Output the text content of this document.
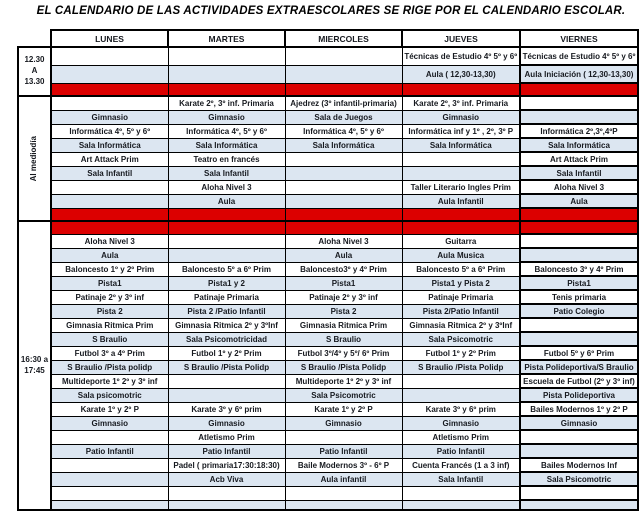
EL CALENDARIO DE LAS ACTIVIDADES EXTRAESCOLARES SE RIGE POR EL CALENDARIO ESCOLAR.
	LUNES	MARTES	MIERCOLES	JUEVES	VIERNES

12.30
A
13.30				Técnicas de Estudio 4º 5º y 6º	Técnicas de Estudio 4º 5º y 6º
				Aula ( 12,30-13,30)	Aula Iniciación ( 12,30-13,30)

Al mediodía		Karate 2º, 3º inf. Primaria	Ajedrez (3º infantil-primaria)	Karate 2º, 3º inf. Primaria	
	Gimnasio	Gimnasio	Sala de Juegos	Gimnasio	
	Informática 4º, 5º y 6º	Informática 4º, 5º y 6º	Informática 4º, 5º y 6º	Informática inf y 1º , 2º, 3º P	Informática 2º,3º,4ºP
	Sala Informática	Sala Informática	Sala Informática	Sala Informática	Sala Informática
	Art Attack Prim	Teatro en francés			Art Attack Prim
	Sala Infantil	Sala Infantil			Sala Infantil
		Aloha Nivel 3		Taller Literario Ingles Prim	Aloha Nivel 3
		Aula		Aula Infantil	Aula

16:30 a
17:45					

	Aloha Nivel 3		Aloha Nivel 3	Guitarra	
	Aula		Aula	Aula Musica	
	Baloncesto 1º y 2º Prim	Baloncesto 5º a 6º Prim	Baloncesto3º y 4º Prim	Baloncesto 5º a 6º Prim	Baloncesto 3º y 4º Prim
	Pista1	Pista1 y 2	Pista1	Pista1 y Pista 2	Pista1
	Patinaje 2º y 3º inf	Patinaje Primaria	Patinaje 2º y 3º inf	Patinaje Primaria	Tenis primaria
	Pista 2	Pista 2 /Patio Infantil	Pista 2	Pista 2/Patio Infantil	Patio Colegio
	Gimnasia Ritmica Prim	Gimnasia Ritmica 2º y 3ºInf	Gimnasia Ritmica Prim	Gimnasia Ritmica 2º y 3ºInf	
	S Braulio	Sala Psicomotricidad	S Braulio	Sala Psicomotric	
	Futbol 3º a 4º Prim	Futbol 1º y 2º Prim	Futbol 3º/4º y 5º/ 6º Prim	Futbol 1º y 2º Prim	Futbol 5º y 6º Prim
	S Braulio /Pista polidp	S Braulio /Pista Polidp	S Braulio /Pista Polidp	S Braulio /Pista Polidp	Pista Polideportiva/S Braulio
	Multideporte 1º 2º y 3º inf		Multideporte 1º 2º y 3º inf		Escuela de Futbol (2º y 3º inf)
	Sala psicomotric		Sala Psicomotric		Pista Polideportiva
	Karate 1º y 2º P	Karate 3º y 6º prim	Karate 1º y 2º P	Karate 3º y 6º prim	Bailes Modernos 1º y 2º P
	Gimnasio	Gimnasio	Gimnasio	Gimnasio	Gimnasio
		Atletismo Prim		Atletismo Prim	
	Patio Infantil	Patio Infantil	Patio Infantil	Patio Infantil	
		Padel ( primaria17:30:18:30)	Baile Modernos 3º - 6º P	Cuenta Francés (1 a 3 inf)	Bailes Modernos Inf
		Acb Viva	Aula infantil	Sala Infantil	Sala Psicomotric
